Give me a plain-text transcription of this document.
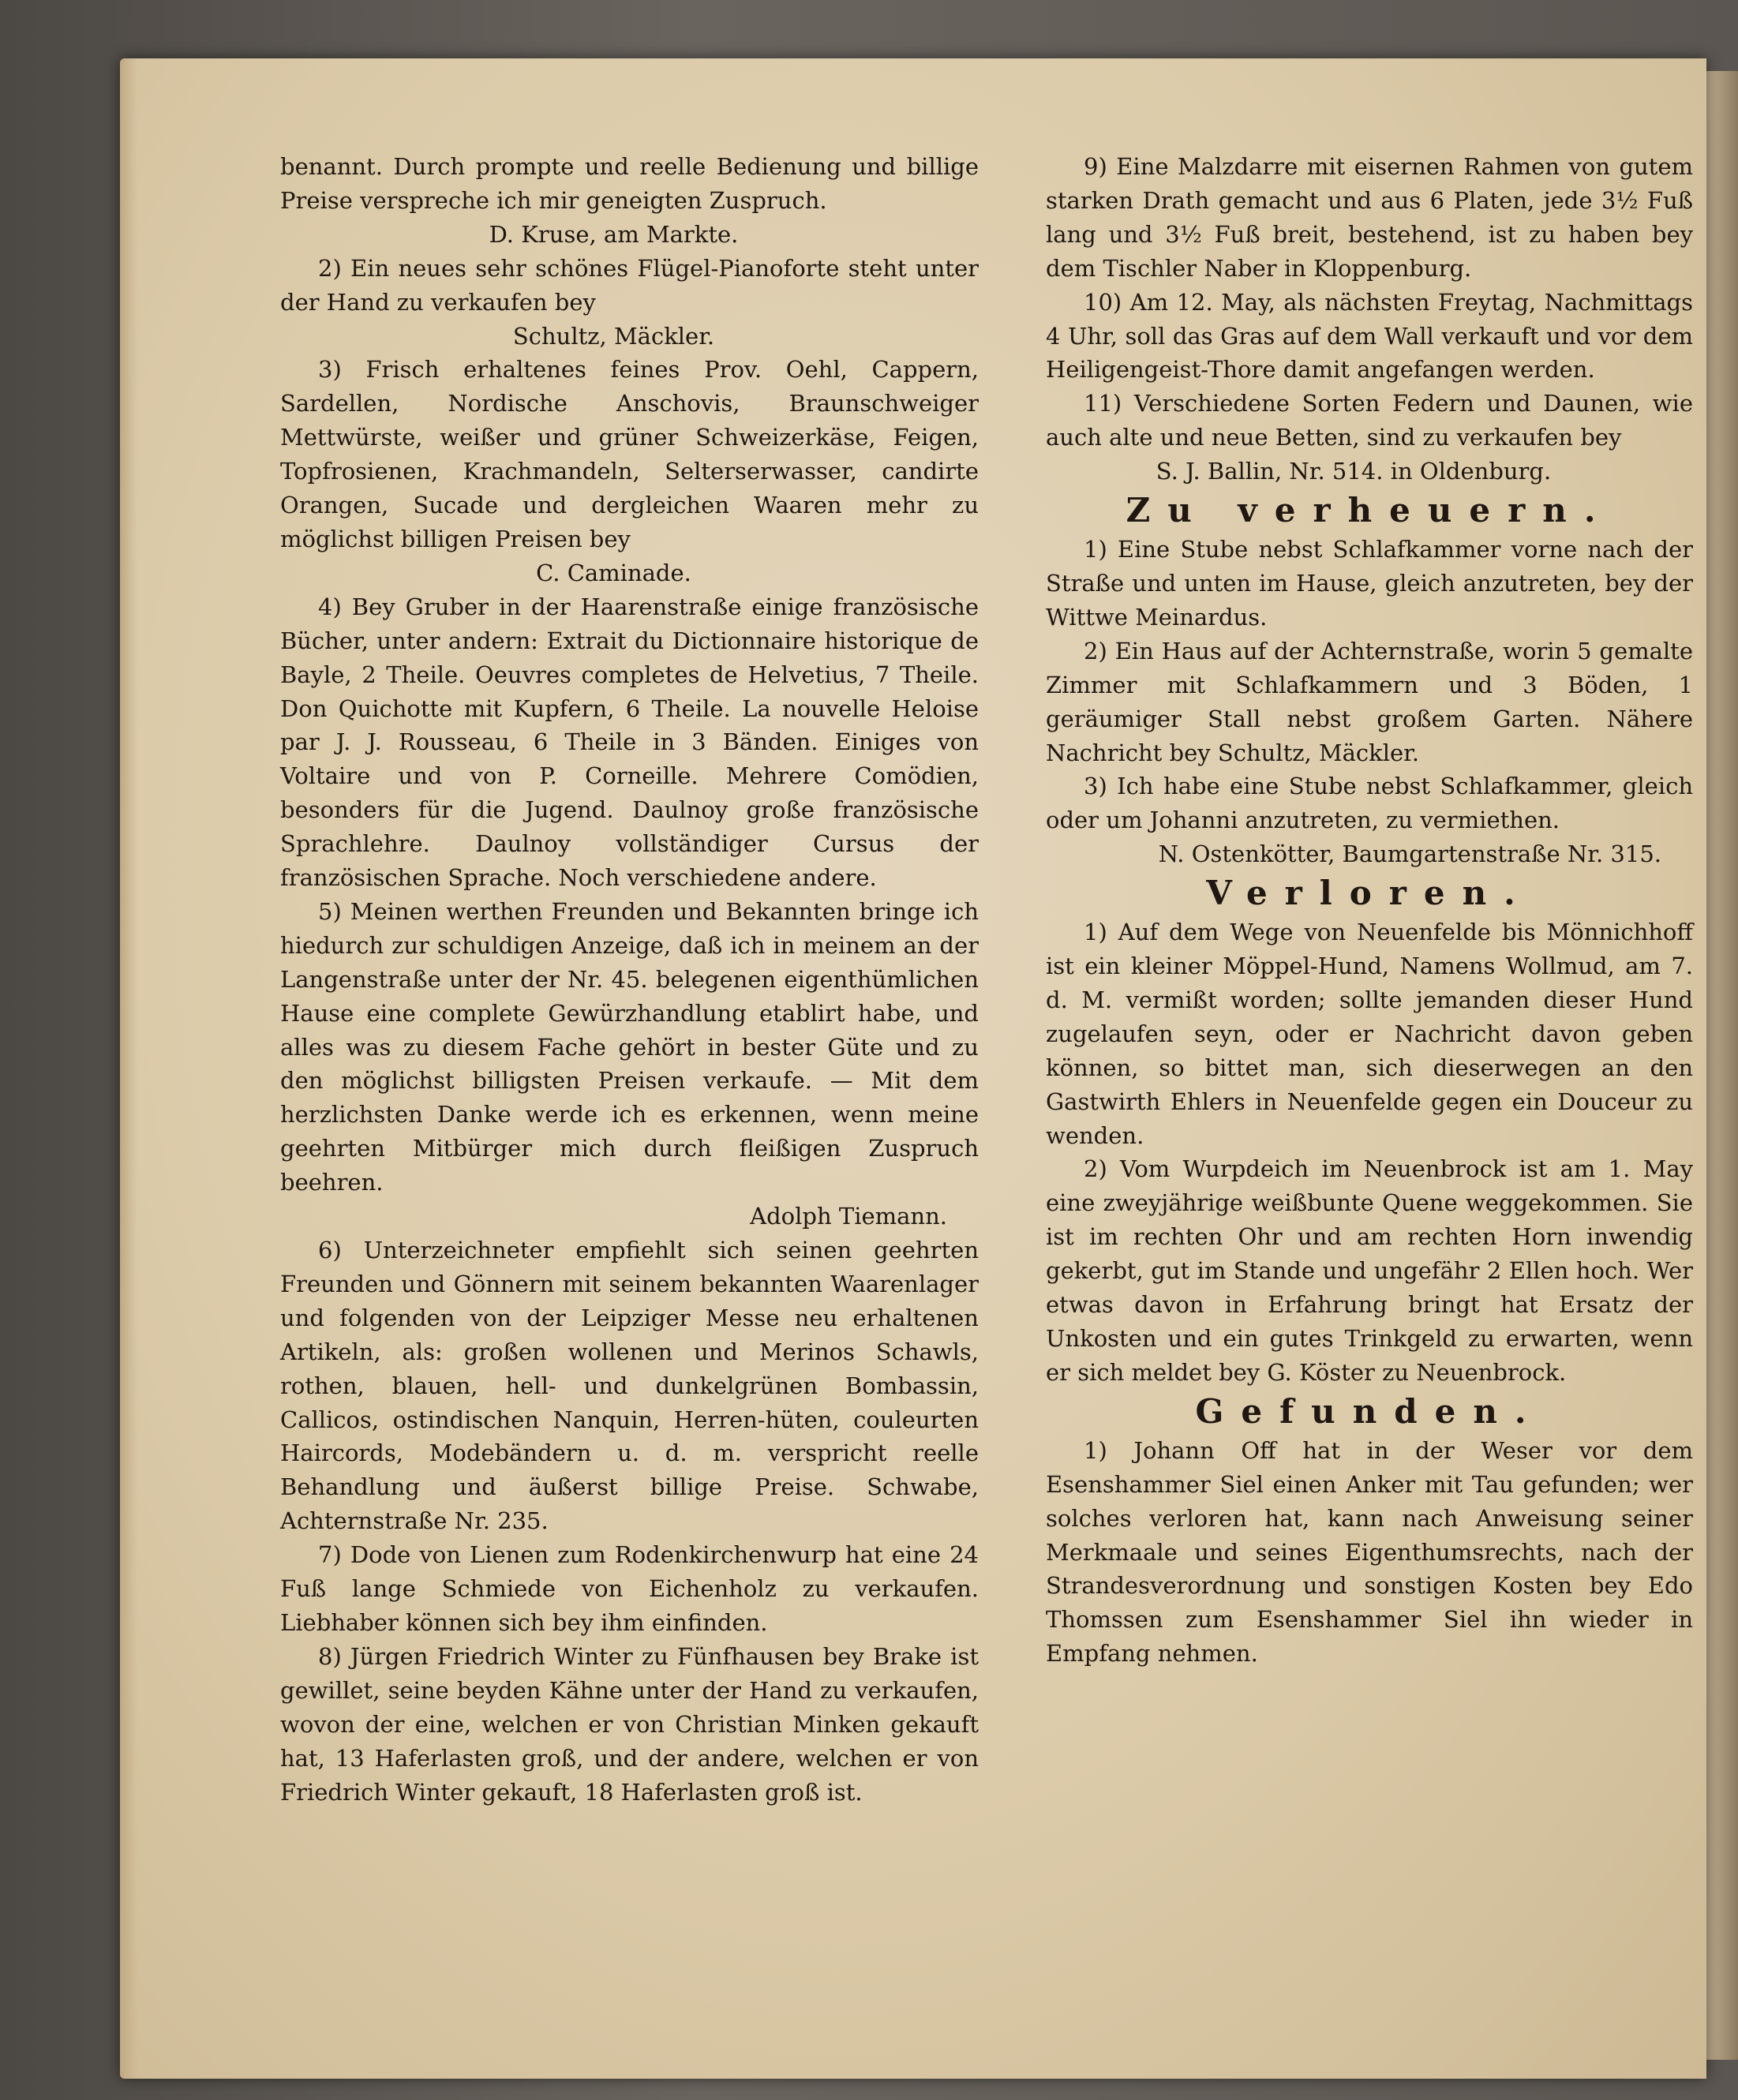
benannt. Durch prompte und reelle Bedienung und billige Preise verspreche ich mir geneigten Zuspruch.

D. Kruse, am Markte.

2) Ein neues sehr schönes Flügel-Pianoforte steht unter der Hand zu verkaufen bey

Schultz, Mäckler.

3) Frisch erhaltenes feines Prov. Oehl, Cappern, Sardellen, Nordische Anschovis, Braunschweiger Mettwürste, weißer und grüner Schweizerkäse, Feigen, Topfrosienen, Krachmandeln, Selterserwasser, candirte Orangen, Sucade und dergleichen Waaren mehr zu möglichst billigen Preisen bey

C. Caminade.

4) Bey Gruber in der Haarenstraße einige französische Bücher, unter andern: Extrait du Dictionnaire historique de Bayle, 2 Theile. Oeuvres completes de Helvetius, 7 Theile. Don Quichotte mit Kupfern, 6 Theile. La nouvelle Heloise par J. J. Rousseau, 6 Theile in 3 Bänden. Einiges von Voltaire und von P. Corneille. Mehrere Comödien, besonders für die Jugend. Daulnoy große französische Sprachlehre. Daulnoy vollständiger Cursus der französischen Sprache. Noch verschiedene andere.

5) Meinen werthen Freunden und Bekannten bringe ich hiedurch zur schuldigen Anzeige, daß ich in meinem an der Langenstraße unter der Nr. 45. belegenen eigenthümlichen Hause eine complete Gewürzhandlung etablirt habe, und alles was zu diesem Fache gehört in bester Güte und zu den möglichst billigsten Preisen verkaufe. — Mit dem herzlichsten Danke werde ich es erkennen, wenn meine geehrten Mitbürger mich durch fleißigen Zuspruch beehren.

Adolph Tiemann.

6) Unterzeichneter empfiehlt sich seinen geehrten Freunden und Gönnern mit seinem bekannten Waarenlager und folgenden von der Leipziger Messe neu erhaltenen Artikeln, als: großen wollenen und Merinos Schawls, rothen, blauen, hell- und dunkelgrünen Bombassin, Callicos, ostindischen Nanquin, Herren-hüten, couleurten Haircords, Modebändern u. d. m. verspricht reelle Behandlung und äußerst billige Preise. Schwabe, Achternstraße Nr. 235.

7) Dode von Lienen zum Rodenkirchenwurp hat eine 24 Fuß lange Schmiede von Eichenholz zu verkaufen. Liebhaber können sich bey ihm einfinden.

8) Jürgen Friedrich Winter zu Fünfhausen bey Brake ist gewillet, seine beyden Kähne unter der Hand zu verkaufen, wovon der eine, welchen er von Christian Minken gekauft hat, 13 Haferlasten groß, und der andere, welchen er von Friedrich Winter gekauft, 18 Haferlasten groß ist.

9) Eine Malzdarre mit eisernen Rahmen von gutem starken Drath gemacht und aus 6 Platen, jede 3½ Fuß lang und 3½ Fuß breit, bestehend, ist zu haben bey dem Tischler Naber in Kloppenburg.

10) Am 12. May, als nächsten Freytag, Nachmittags 4 Uhr, soll das Gras auf dem Wall verkauft und vor dem Heiligengeist-Thore damit angefangen werden.

11) Verschiedene Sorten Federn und Daunen, wie auch alte und neue Betten, sind zu verkaufen bey

S. J. Ballin, Nr. 514. in Oldenburg.

Zu verheuern.

1) Eine Stube nebst Schlafkammer vorne nach der Straße und unten im Hause, gleich anzutreten, bey der Wittwe Meinardus.

2) Ein Haus auf der Achternstraße, worin 5 gemalte Zimmer mit Schlafkammern und 3 Böden, 1 geräumiger Stall nebst großem Garten. Nähere Nachricht bey Schultz, Mäckler.

3) Ich habe eine Stube nebst Schlafkammer, gleich oder um Johanni anzutreten, zu vermiethen.

N. Ostenkötter, Baumgartenstraße Nr. 315.

Verloren.

1) Auf dem Wege von Neuenfelde bis Mönnichhoff ist ein kleiner Möppel-Hund, Namens Wollmud, am 7. d. M. vermißt worden; sollte jemanden dieser Hund zugelaufen seyn, oder er Nachricht davon geben können, so bittet man, sich dieserwegen an den Gastwirth Ehlers in Neuenfelde gegen ein Douceur zu wenden.

2) Vom Wurpdeich im Neuenbrock ist am 1. May eine zweyjährige weißbunte Quene weggekommen. Sie ist im rechten Ohr und am rechten Horn inwendig gekerbt, gut im Stande und ungefähr 2 Ellen hoch. Wer etwas davon in Erfahrung bringt hat Ersatz der Unkosten und ein gutes Trinkgeld zu erwarten, wenn er sich meldet bey G. Köster zu Neuenbrock.

Gefunden.

1) Johann Off hat in der Weser vor dem Esenshammer Siel einen Anker mit Tau gefunden; wer solches verloren hat, kann nach Anweisung seiner Merkmaale und seines Eigenthumsrechts, nach der Strandesverordnung und sonstigen Kosten bey Edo Thomssen zum Esenshammer Siel ihn wieder in Empfang nehmen.
